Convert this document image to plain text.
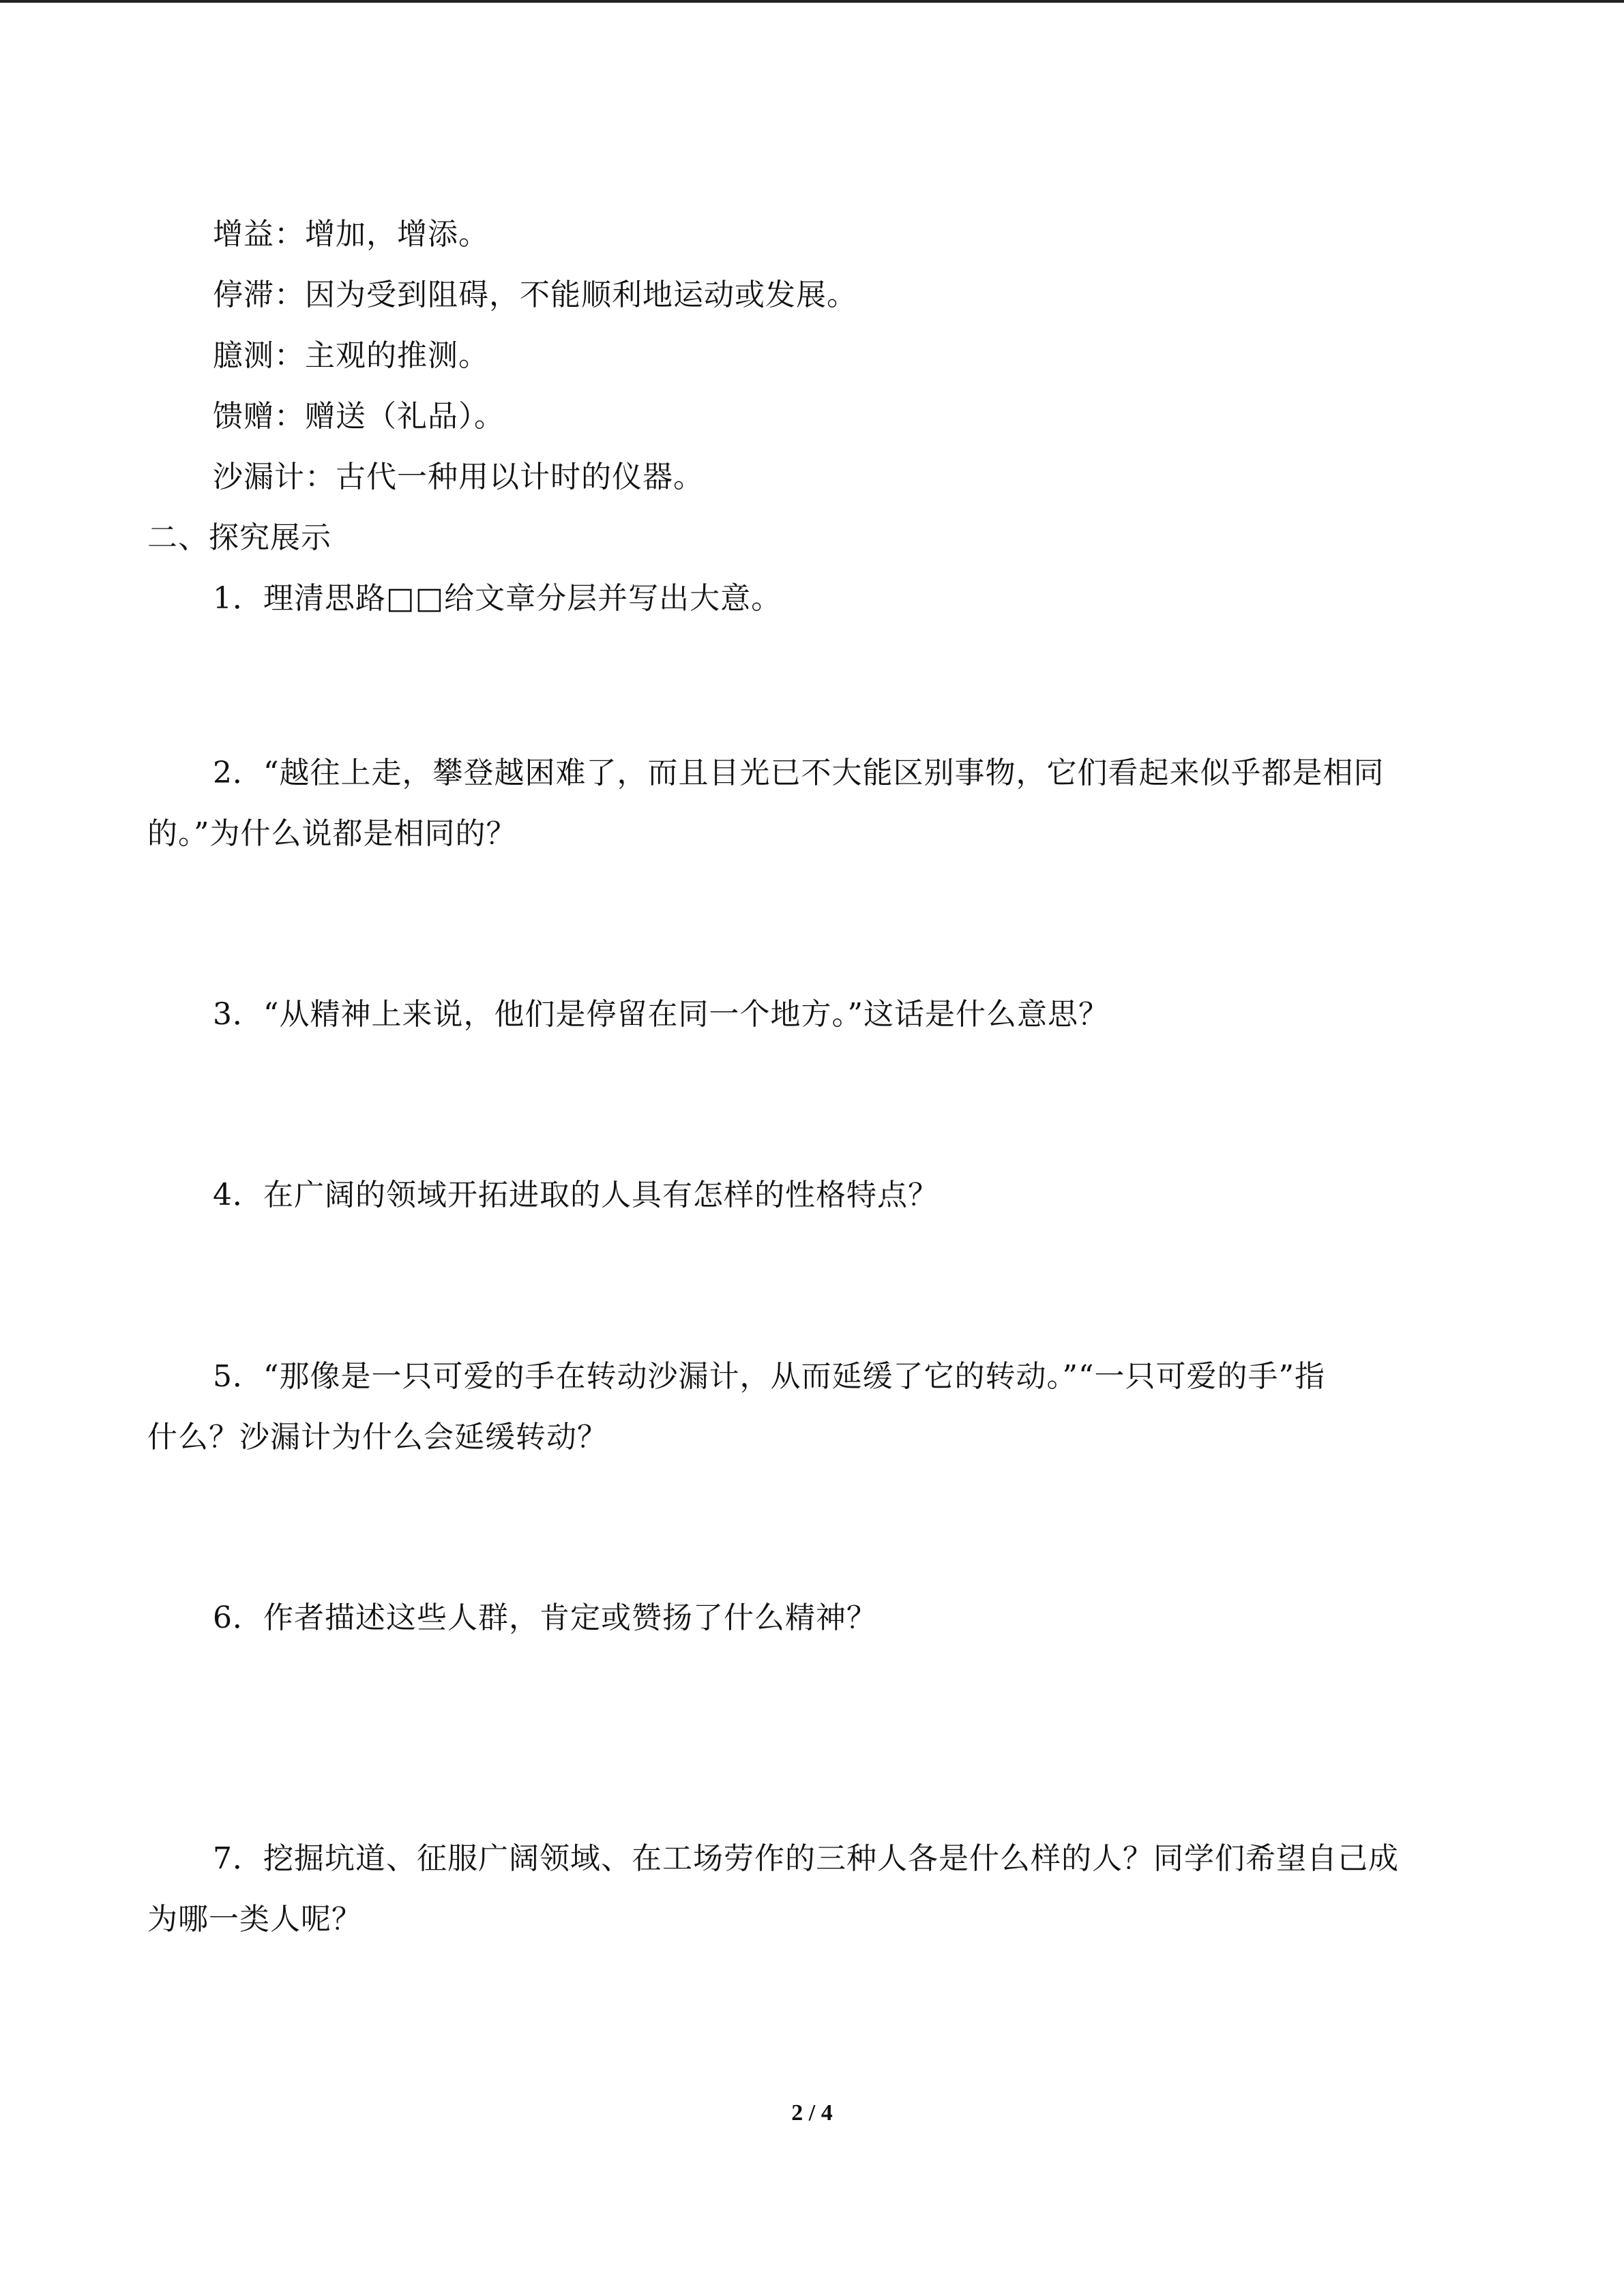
增益：增加，增添。
停滞：因为受到阻碍，不能顺利地运动或发展。
臆测：主观的推测。
馈赠：赠送（礼品）。
沙漏计：古代一种用以计时的仪器。
二、探究展示
1．理清思路□□给文章分层并写出大意。
2．“越往上走，攀登越困难了，而且目光已不大能区别事物，它们看起来似乎都是相同
的。”为什么说都是相同的？
3．“从精神上来说，他们是停留在同一个地方。”这话是什么意思？
4．在广阔的领域开拓进取的人具有怎样的性格特点？
5．“那像是一只可爱的手在转动沙漏计，从而延缓了它的转动。”“一只可爱的手”指
什么？沙漏计为什么会延缓转动？
6．作者描述这些人群，肯定或赞扬了什么精神？
7．挖掘坑道、征服广阔领域、在工场劳作的三种人各是什么样的人？同学们希望自己成
为哪一类人呢？
2 / 4
